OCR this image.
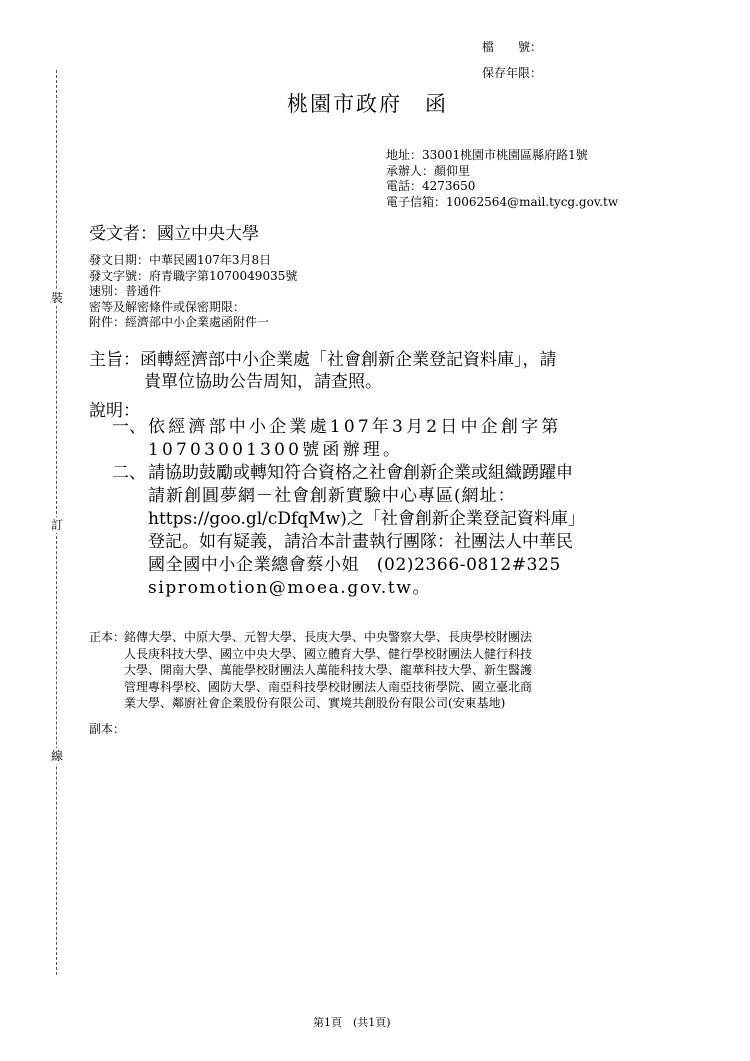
裝
訂
線
檔　　號：
保存年限：
桃園市政府　函
地址：33001桃園市桃園區縣府路1號
承辦人：顏仰里
電話：4273650
電子信箱：10062564@mail.tycg.gov.tw
受文者：國立中央大學
發文日期：中華民國107年3月8日
發文字號：府青職字第1070049035號
速別：普通件
密等及解密條件或保密期限：
附件：經濟部中小企業處函附件一
主旨：函轉經濟部中小企業處「社會創新企業登記資料庫」，請
貴單位協助公告周知，請查照。
說明：
一、 依經濟部中小企業處107年3月2日中企創字第
10703001300號函辦理。
二、 請協助鼓勵或轉知符合資格之社會創新企業或組織踴躍申
請新創圓夢網－社會創新實驗中心專區(網址：
https://goo.gl/cDfqMw)之「社會創新企業登記資料庫」
登記。如有疑義，請洽本計畫執行團隊：社團法人中華民
國全國中小企業總會蔡小姐　(02)2366-0812#325
sipromotion@moea.gov.tw。
正本：
銘傳大學、中原大學、元智大學、長庚大學、中央警察大學、長庚學校財團法
人長庚科技大學、國立中央大學、國立體育大學、健行學校財團法人健行科技
大學、開南大學、萬能學校財團法人萬能科技大學、龍華科技大學、新生醫護
管理專科學校、國防大學、南亞科技學校財團法人南亞技術學院、國立臺北商
業大學、鄰廚社會企業股份有限公司、實境共創股份有限公司(安東基地)
副本：
第1頁　(共1頁)
